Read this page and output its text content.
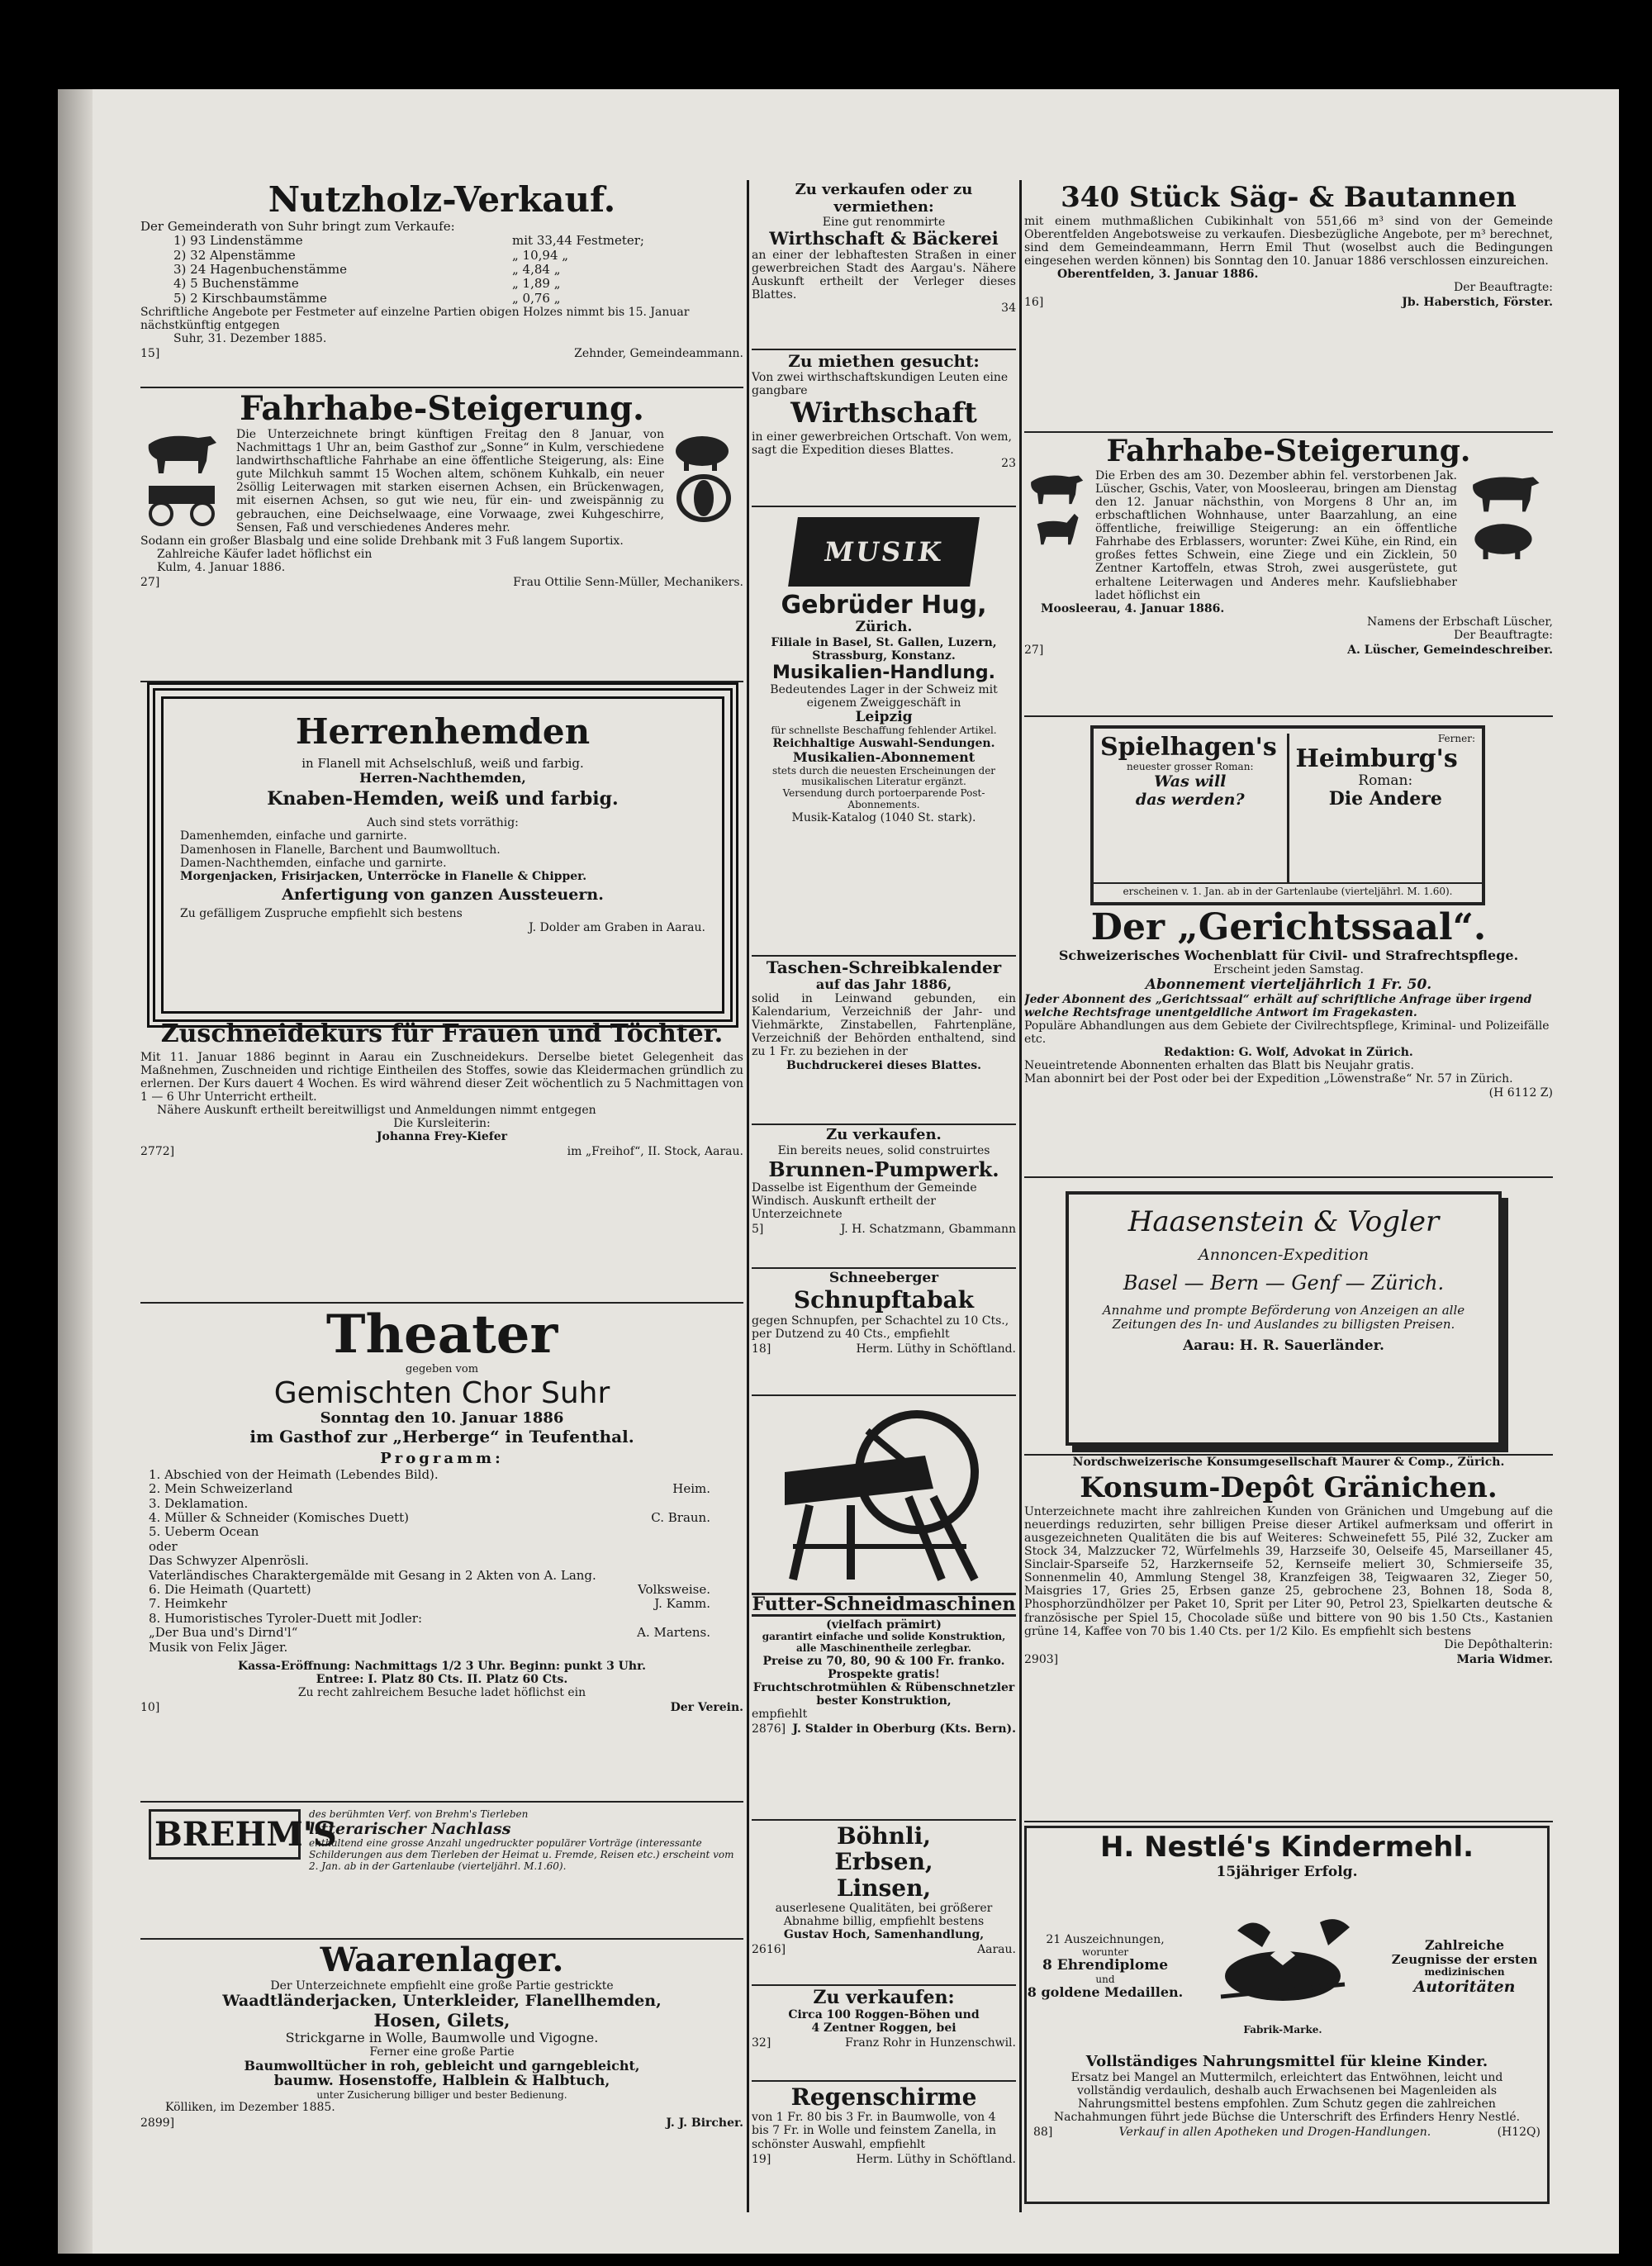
Nutzholz-Verkauf.

Der Gemeinderath von Suhr bringt zum Verkaufe:

1) 93 Lindenstämme	mit 33,44 Festmeter;
2) 32 Alpenstämme	„ 10,94 „
3) 24 Hagenbuchenstämme	„ 4,84 „
4) 5 Buchenstämme	„ 1,89 „
5) 2 Kirschbaumstämme	„ 0,76 „

Schriftliche Angebote per Festmeter auf einzelne Partien obigen Holzes nimmt bis 15. Januar nächstkünftig entgegen

Suhr, 31. Dezember 1885.

15]	Zehnder, Gemeindeammann.

Fahrhabe-Steigerung.

Die Unterzeichnete bringt künftigen Freitag den 8 Januar, von Nachmittags 1 Uhr an, beim Gasthof zur „Sonne“ in Kulm, verschiedene landwirthschaftliche Fahrhabe an eine öffentliche Steigerung, als: Eine gute Milchkuh sammt 15 Wochen altem, schönem Kuhkalb, ein neuer 2söllig Leiterwagen mit starken eisernen Achsen, ein Brückenwagen, mit eisernen Achsen, so gut wie neu, für ein- und zweispännig zu gebrauchen, eine Deichselwaage, eine Vorwaage, zwei Kuhgeschirre, Sensen, Faß und verschiedenes Anderes mehr.

Sodann ein großer Blasbalg und eine solide Drehbank mit 3 Fuß langem Suportix.

Zahlreiche Käufer ladet höflichst ein

Kulm, 4. Januar 1886.

27]	Frau Ottilie Senn-Müller, Mechanikers.

Herrenhemden

in Flanell mit Achselschluß, weiß und farbig.

Herren-Nachthemden,

Knaben-Hemden, weiß und farbig.

Auch sind stets vorräthig:

Damenhemden, einfache und garnirte.

Damenhosen in Flanelle, Barchent und Baumwolltuch.

Damen-Nachthemden, einfache und garnirte.

Morgenjacken, Frisirjacken, Unterröcke in Flanelle & Chipper.

Anfertigung von ganzen Aussteuern.

Zu gefälligem Zuspruche empfiehlt sich bestens

J. Dolder am Graben in Aarau.

Zuschneidekurs für Frauen und Töchter.

Mit 11. Januar 1886 beginnt in Aarau ein Zuschneidekurs. Derselbe bietet Gelegenheit das Maßnehmen, Zuschneiden und richtige Eintheilen des Stoffes, sowie das Kleidermachen gründlich zu erlernen. Der Kurs dauert 4 Wochen. Es wird während dieser Zeit wöchentlich zu 5 Nachmittagen von 1 — 6 Uhr Unterricht ertheilt.

Nähere Auskunft ertheilt bereitwilligst und Anmeldungen nimmt entgegen

Die Kursleiterin:

Johanna Frey-Kiefer

2772]	im „Freihof“, II. Stock, Aarau.

Theater

gegeben vom

Gemischten Chor Suhr

Sonntag den 10. Januar 1886

im Gasthof zur „Herberge“ in Teufenthal.

Programm:

1. Abschied von der Heimath (Lebendes Bild).
2. Mein Schweizerland	Heim.
3. Deklamation.
4. Müller & Schneider (Komisches Duett)	C. Braun.
5. Ueberm Ocean
oder
Das Schwyzer Alpenrösli.
Vaterländisches Charaktergemälde mit Gesang in 2 Akten von A. Lang.
6. Die Heimath (Quartett)	Volksweise.
7. Heimkehr	J. Kamm.
8. Humoristisches Tyroler-Duett mit Jodler:
„Der Bua und's Dirnd'l“	A. Martens.
Musik von Felix Jäger.

Kassa-Eröffnung: Nachmittags 1/2 3 Uhr. Beginn: punkt 3 Uhr.

Entree: I. Platz 80 Cts. II. Platz 60 Cts.

Zu recht zahlreichem Besuche ladet höflichst ein

10]	Der Verein.
BREHM'S

des berühmten Verf. von Brehm's Tierleben

litterarischer Nachlass

enthaltend eine grosse Anzahl ungedruckter populärer Vorträge (interessante Schilderungen aus dem Tierleben der Heimat u. Fremde, Reisen etc.) erscheint vom 2. Jan. ab in der Gartenlaube (vierteljährl. M.1.60).

Waarenlager.

Der Unterzeichnete empfiehlt eine große Partie gestrickte

Waadtländerjacken, Unterkleider, Flanellhemden,

Hosen, Gilets,

Strickgarne in Wolle, Baumwolle und Vigogne.

Ferner eine große Partie

Baumwolltücher in roh, gebleicht und garngebleicht,

baumw. Hosenstoffe, Halblein & Halbtuch,

unter Zusicherung billiger und bester Bedienung.

Kölliken, im Dezember 1885.

2899]	J. J. Bircher.

Zu verkaufen oder zu vermiethen:

Eine gut renommirte

Wirthschaft & Bäckerei

an einer der lebhaftesten Straßen in einer gewerbreichen Stadt des Aargau's. Nähere Auskunft ertheilt der Verleger dieses Blattes.

34

Zu miethen gesucht:

Von zwei wirthschaftskundigen Leuten eine gangbare

Wirthschaft

in einer gewerbreichen Ortschaft. Von wem, sagt die Expedition dieses Blattes.

23

MUSIK

Gebrüder Hug,

Zürich.

Filiale in Basel, St. Gallen, Luzern, Strassburg, Konstanz.

Musikalien-Handlung.

Bedeutendes Lager in der Schweiz mit eigenem Zweiggeschäft in

Leipzig

für schnellste Beschaffung fehlender Artikel.

Reichhaltige Auswahl-Sendungen.

Musikalien-Abonnement

stets durch die neuesten Erscheinungen der musikalischen Literatur ergänzt.

Versendung durch portoerparende Post-Abonnements.

Musik-Katalog (1040 St. stark).

Taschen-Schreibkalender

auf das Jahr 1886,

solid in Leinwand gebunden, ein Kalendarium, Verzeichniß der Jahr- und Viehmärkte, Zinstabellen, Fahrtenpläne, Verzeichniß der Behörden enthaltend, sind zu 1 Fr. zu beziehen in der

Buchdruckerei dieses Blattes.

Zu verkaufen.

Ein bereits neues, solid construirtes

Brunnen-Pumpwerk.

Dasselbe ist Eigenthum der Gemeinde Windisch. Auskunft ertheilt der Unterzeichnete

5]	J. H. Schatzmann, Gbammann

Schneeberger

Schnupftabak

gegen Schnupfen, per Schachtel zu 10 Cts., per Dutzend zu 40 Cts., empfiehlt

18]	Herm. Lüthy in Schöftland.

Futter-Schneidmaschinen

(vielfach prämirt)

garantirt einfache und solide Konstruktion, alle Maschinentheile zerlegbar.

Preise zu 70, 80, 90 & 100 Fr. franko.

Prospekte gratis!

Fruchtschrotmühlen & Rübenschnetzler bester Konstruktion,

empfiehlt

2876] J. Stalder in Oberburg (Kts. Bern).

Böhnli,

Erbsen,

Linsen,

auserlesene Qualitäten, bei größerer Abnahme billig, empfiehlt bestens

Gustav Hoch, Samenhandlung,

2616]	Aarau.

Zu verkaufen:

Circa 100 Roggen-Böhen und

4 Zentner Roggen, bei

32]	Franz Rohr in Hunzenschwil.

Regenschirme

von 1 Fr. 80 bis 3 Fr. in Baumwolle, von 4 bis 7 Fr. in Wolle und feinstem Zanella, in schönster Auswahl, empfiehlt

19]	Herm. Lüthy in Schöftland.

340 Stück Säg- & Bautannen

mit einem muthmaßlichen Cubikinhalt von 551,66 m³ sind von der Gemeinde Oberentfelden Angebotsweise zu verkaufen. Diesbezügliche Angebote, per m³ berechnet, sind dem Gemeindeammann, Herrn Emil Thut (woselbst auch die Bedingungen eingesehen werden können) bis Sonntag den 10. Januar 1886 verschlossen einzureichen.

Oberentfelden, 3. Januar 1886.

Der Beauftragte:

16]	Jb. Haberstich, Förster.

Fahrhabe-Steigerung.

Die Erben des am 30. Dezember abhin fel. verstorbenen Jak. Lüscher, Gschis, Vater, von Moosleerau, bringen am Dienstag den 12. Januar nächsthin, von Morgens 8 Uhr an, im erbschaftlichen Wohnhause, unter Baarzahlung, an eine öffentliche, freiwillige Steigerung: an ein öffentliche Fahrhabe des Erblassers, worunter: Zwei Kühe, ein Rind, ein großes fettes Schwein, eine Ziege und ein Zicklein, 50 Zentner Kartoffeln, etwas Stroh, zwei ausgerüstete, gut erhaltene Leiterwagen und Anderes mehr. Kaufsliebhaber ladet höflichst ein

Moosleerau, 4. Januar 1886.

Namens der Erbschaft Lüscher,

Der Beauftragte:

27]	A. Lüscher, Gemeindeschreiber.

Spielhagen's

neuester grosser Roman:

Was will

das werden?

Ferner:

Heimburg's

Roman:

Die Andere

erscheinen v. 1. Jan. ab in der Gartenlaube (vierteljährl. M. 1.60).

Der „Gerichtssaal“.

Schweizerisches Wochenblatt für Civil- und Strafrechtspflege.

Erscheint jeden Samstag.

Abonnement vierteljährlich 1 Fr. 50.

Jeder Abonnent des „Gerichtssaal“ erhält auf schriftliche Anfrage über irgend welche Rechtsfrage unentgeldliche Antwort im Fragekasten.

Populäre Abhandlungen aus dem Gebiete der Civilrechtspflege, Kriminal- und Polizeifälle etc.

Redaktion: G. Wolf, Advokat in Zürich.

Neueintretende Abonnenten erhalten das Blatt bis Neujahr gratis.

Man abonnirt bei der Post oder bei der Expedition „Löwenstraße“ Nr. 57 in Zürich.

(H 6112 Z)

Haasenstein & Vogler

Annoncen-Expedition

Basel — Bern — Genf — Zürich.

Annahme und prompte Beförderung von Anzeigen an alle Zeitungen des In- und Auslandes zu billigsten Preisen.

Aarau: H. R. Sauerländer.

Nordschweizerische Konsumgesellschaft Maurer & Comp., Zürich.

Konsum-Depôt Gränichen.

Unterzeichnete macht ihre zahlreichen Kunden von Gränichen und Umgebung auf die neuerdings reduzirten, sehr billigen Preise dieser Artikel aufmerksam und offerirt in ausgezeichneten Qualitäten die bis auf Weiteres: Schweinefett 55, Pilé 32, Zucker am Stock 34, Malzzucker 72, Würfelmehls 39, Harzseife 30, Oelseife 45, Marseillaner 45, Sinclair-Sparseife 52, Harzkernseife 52, Kernseife meliert 30, Schmierseife 35, Sonnenmelin 40, Ammlung Stengel 38, Kranzfeigen 38, Teigwaaren 32, Zieger 50, Maisgries 17, Gries 25, Erbsen ganze 25, gebrochene 23, Bohnen 18, Soda 8, Phosphorzündhölzer per Paket 10, Sprit per Liter 90, Petrol 23, Spielkarten deutsche & französische per Spiel 15, Chocolade süße und bittere von 90 bis 1.50 Cts., Kastanien grüne 14, Kaffee von 70 bis 1.40 Cts. per 1/2 Kilo. Es empfiehlt sich bestens

Die Depôthalterin:

2903]	Maria Widmer.

H. Nestlé's Kindermehl.

15jähriger Erfolg.

21 Auszeichnungen,

worunter

8 Ehrendiplome

und

8 goldene Medaillen.

Fabrik-Marke.

Zahlreiche

Zeugnisse der ersten

medizinischen

Autoritäten

Vollständiges Nahrungsmittel für kleine Kinder.

Ersatz bei Mangel an Muttermilch, erleichtert das Entwöhnen, leicht und vollständig verdaulich, deshalb auch Erwachsenen bei Magenleiden als Nahrungsmittel bestens empfohlen. Zum Schutz gegen die zahlreichen Nachahmungen führt jede Büchse die Unterschrift des Erfinders Henry Nestlé.

88]	Verkauf in allen Apotheken und Drogen-Handlungen.	(H12Q)
